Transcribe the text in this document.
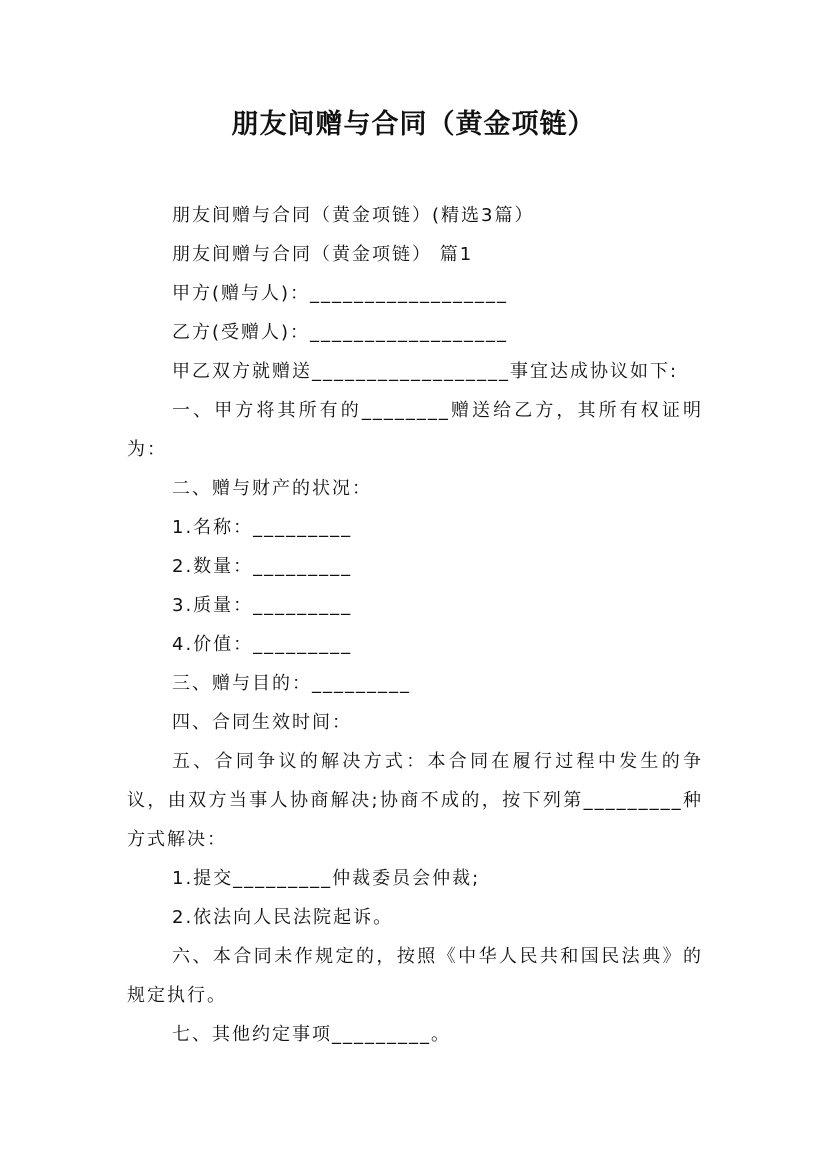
朋友间赠与合同（黄金项链）

朋友间赠与合同（黄金项链）(精选3篇）

朋友间赠与合同（黄金项链） 篇1

甲方(赠与人)：__________________

乙方(受赠人)：__________________

甲乙双方就赠送__________________事宜达成协议如下:

一、甲方将其所有的________赠送给乙方，其所有权证明为：

二、赠与财产的状况：

1.名称：_________

2.数量：_________

3.质量：_________

4.价值：_________

三、赠与目的：_________

四、合同生效时间：

五、合同争议的解决方式：本合同在履行过程中发生的争议，由双方当事人协商解决;协商不成的，按下列第_________种方式解决：

1.提交_________仲裁委员会仲裁;

2.依法向人民法院起诉。

六、本合同未作规定的，按照《中华人民共和国民法典》的规定执行。

七、其他约定事项_________。
